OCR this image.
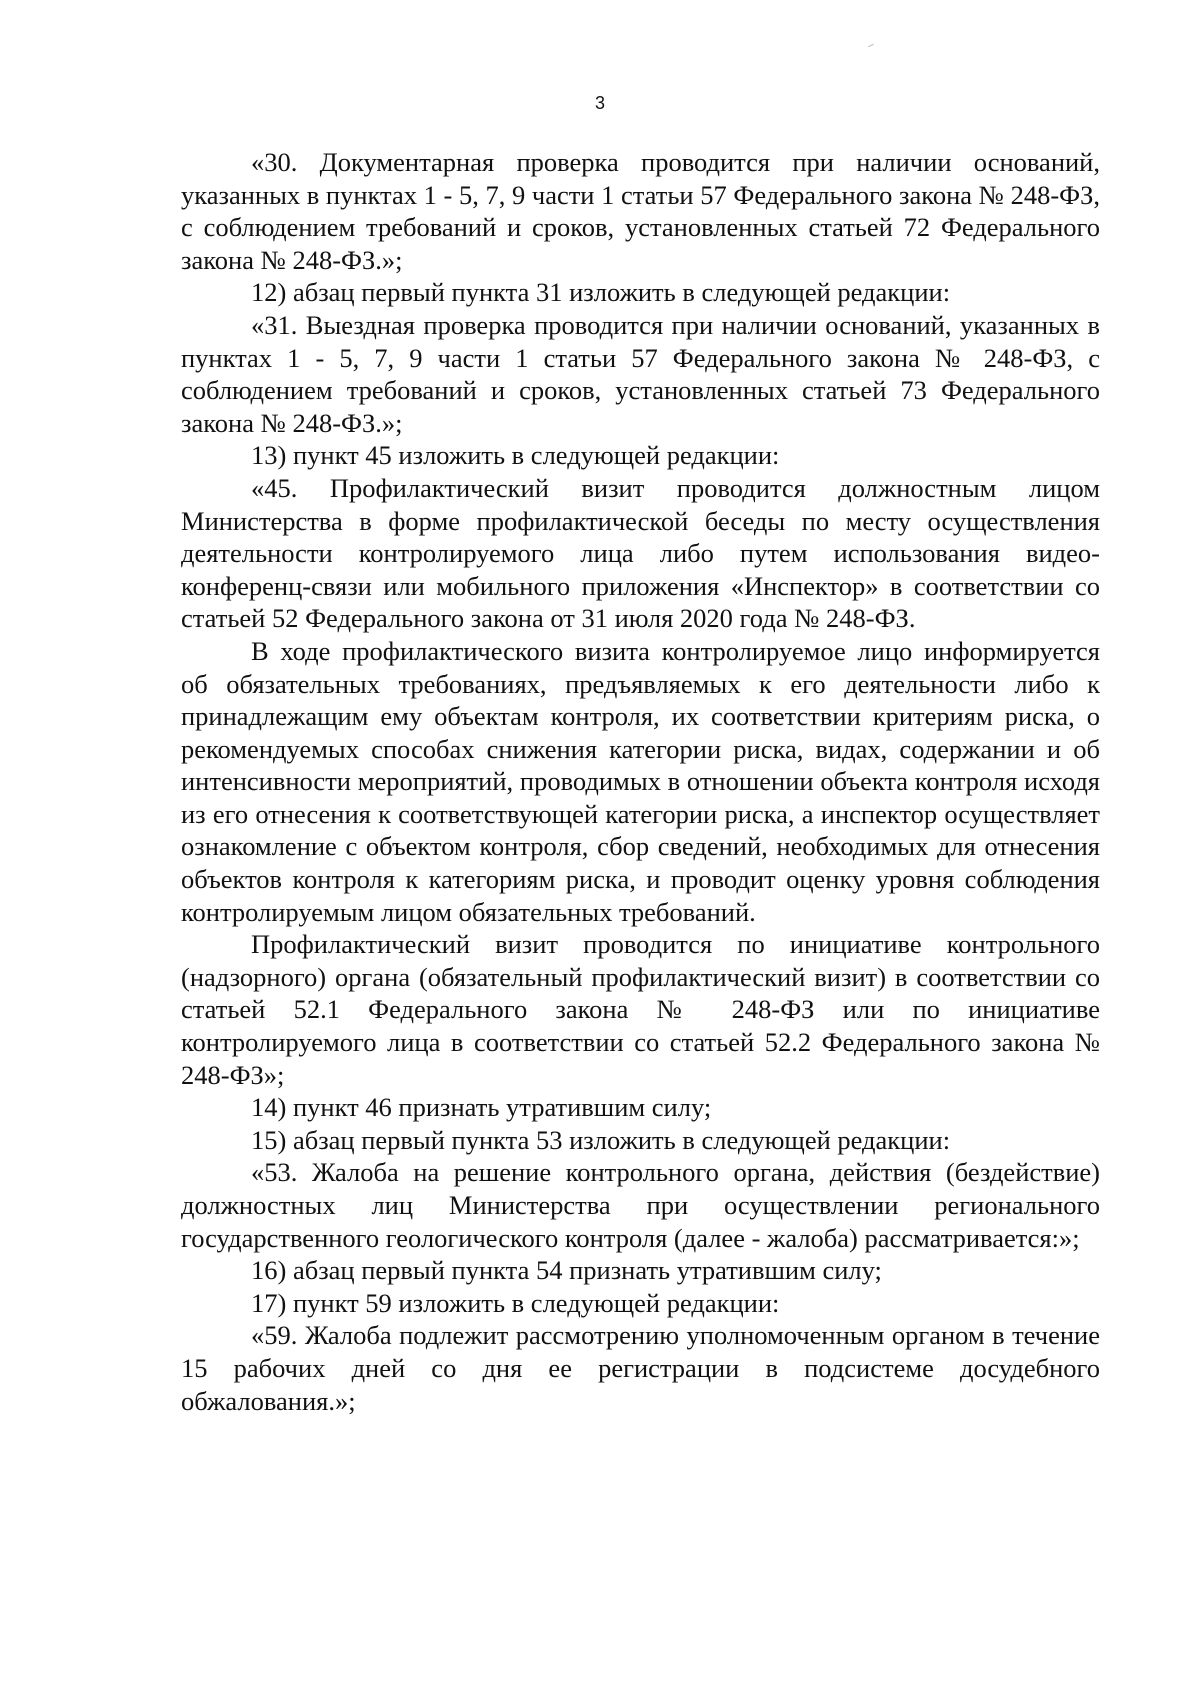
3

«30. Документарная проверка проводится при наличии оснований, указанных в пунктах 1 - 5, 7, 9 части 1 статьи 57 Федерального закона № 248-ФЗ, с соблюдением требований и сроков, установленных статьей 72 Федерального закона № 248-ФЗ.»;

12) абзац первый пункта 31 изложить в следующей редакции:

«31. Выездная проверка проводится при наличии оснований, указанных в пунктах 1 - 5, 7, 9 части 1 статьи 57 Федерального закона № 248-ФЗ, с соблюдением требований и сроков, установленных статьей 73 Федерального закона № 248-ФЗ.»;

13) пункт 45 изложить в следующей редакции:

«45. Профилактический визит проводится должностным лицом Министерства в форме профилактической беседы по месту осуществления деятельности контролируемого лица либо путем использования видео-конференц-связи или мобильного приложения «Инспектор» в соответствии со статьей 52 Федерального закона от 31 июля 2020 года № 248-ФЗ.

В ходе профилактического визита контролируемое лицо информируется об обязательных требованиях, предъявляемых к его деятельности либо к принадлежащим ему объектам контроля, их соответствии критериям риска, о рекомендуемых способах снижения категории риска, видах, содержании и об интенсивности мероприятий, проводимых в отношении объекта контроля исходя из его отнесения к соответствующей категории риска, а инспектор осуществляет ознакомление с объектом контроля, сбор сведений, необходимых для отнесения объектов контроля к категориям риска, и проводит оценку уровня соблюдения контролируемым лицом обязательных требований.

Профилактический визит проводится по инициативе контрольного (надзорного) органа (обязательный профилактический визит) в соответствии со статьей 52.1 Федерального закона № 248-ФЗ или по инициативе контролируемого лица в соответствии со статьей 52.2 Федерального закона № 248-ФЗ»;

14) пункт 46 признать утратившим силу;

15) абзац первый пункта 53 изложить в следующей редакции:

«53. Жалоба на решение контрольного органа, действия (бездействие) должностных лиц Министерства при осуществлении регионального государственного геологического контроля (далее - жалоба) рассматривается:»;

16) абзац первый пункта 54 признать утратившим силу;

17) пункт 59 изложить в следующей редакции:

«59. Жалоба подлежит рассмотрению уполномоченным органом в течение 15 рабочих дней со дня ее регистрации в подсистеме досудебного обжалования.»;
